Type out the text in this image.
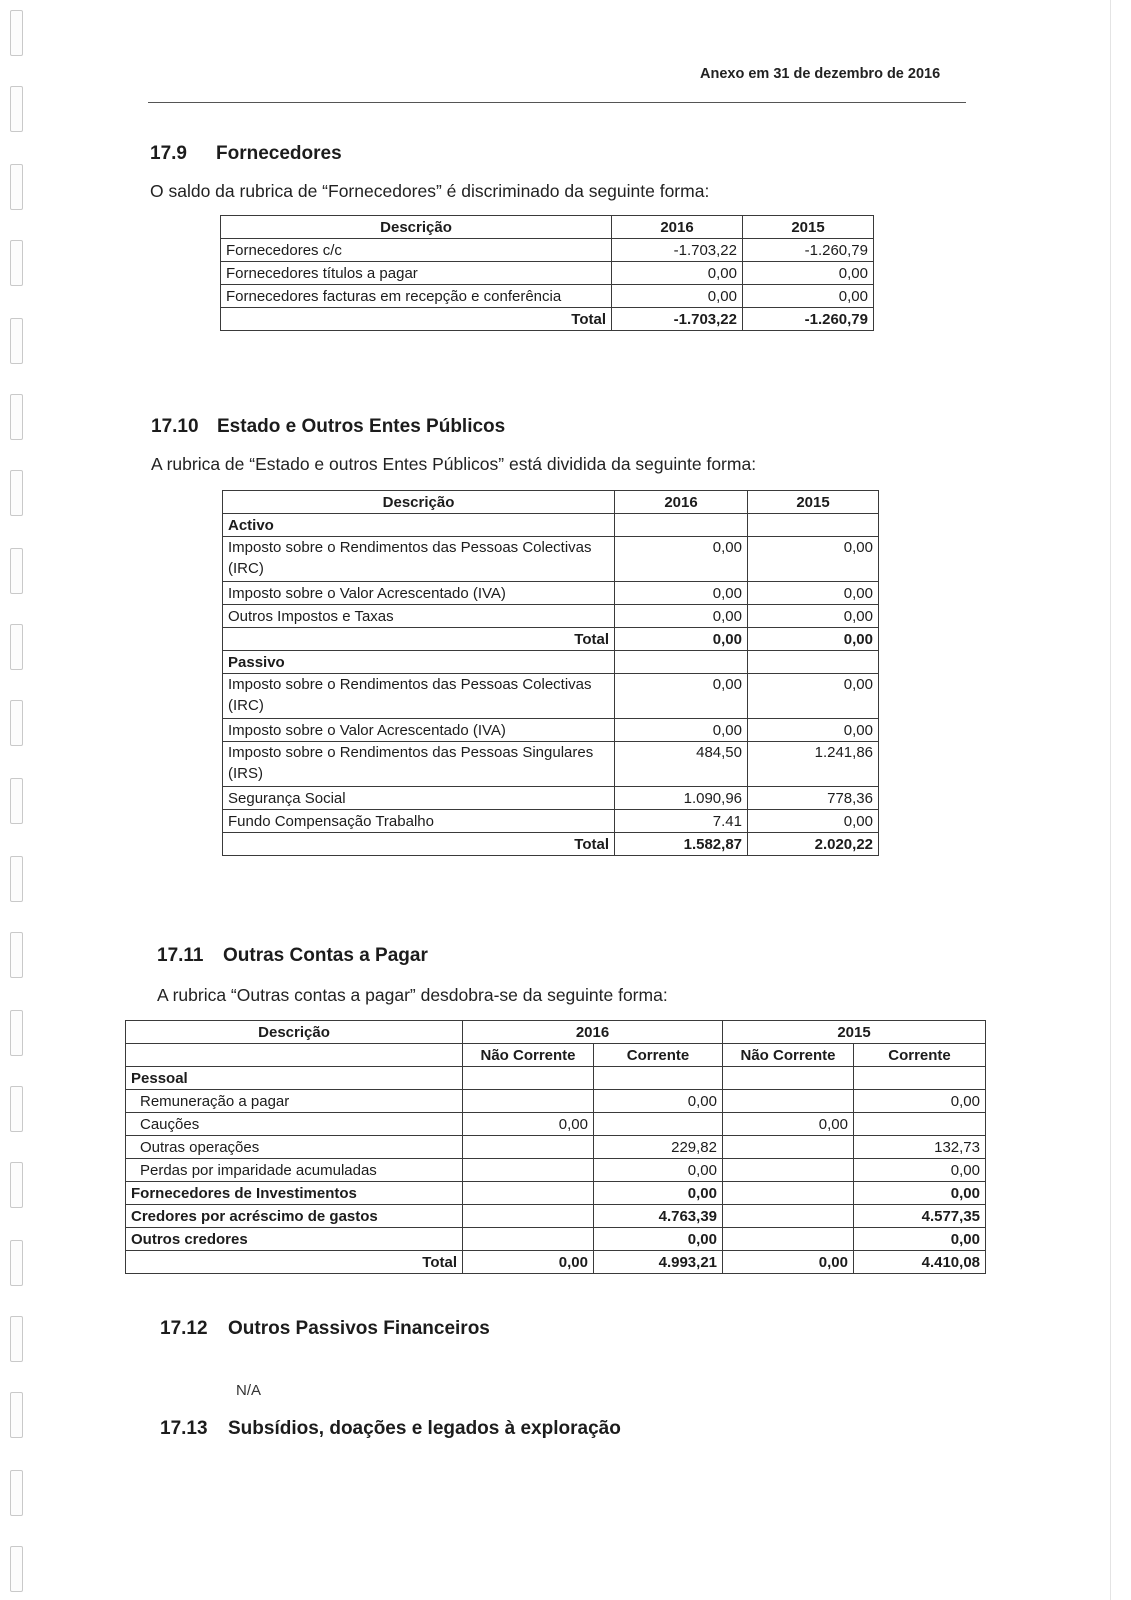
Anexo em 31 de dezembro de 2016
17.9 Fornecedores

O saldo da rubrica de “Fornecedores” é discriminado da seguinte forma:

Descrição	2016	2015
Fornecedores c/c	-1.703,22	-1.260,79
Fornecedores títulos a pagar	0,00	0,00
Fornecedores facturas em recepção e conferência	0,00	0,00
Total	-1.703,22	-1.260,79
17.10 Estado e Outros Entes Públicos

A rubrica de “Estado e outros Entes Públicos” está dividida da seguinte forma:

Descrição	2016	2015
Activo		
Imposto sobre o Rendimentos das Pessoas Colectivas (IRC)	0,00	0,00
Imposto sobre o Valor Acrescentado (IVA)	0,00	0,00
Outros Impostos e Taxas	0,00	0,00
Total	0,00	0,00
Passivo		
Imposto sobre o Rendimentos das Pessoas Colectivas (IRC)	0,00	0,00
Imposto sobre o Valor Acrescentado (IVA)	0,00	0,00
Imposto sobre o Rendimentos das Pessoas Singulares (IRS)	484,50	1.241,86
Segurança Social	1.090,96	778,36
Fundo Compensação Trabalho	7.41	0,00
Total	1.582,87	2.020,22
17.11 Outras Contas a Pagar

A rubrica “Outras contas a pagar” desdobra-se da seguinte forma:

Descrição	2016		2015	
	Não Corrente	Corrente	Não Corrente	Corrente
Pessoal				
Remuneração a pagar		0,00		0,00
Cauções	0,00		0,00	
Outras operações		229,82		132,73
Perdas por imparidade acumuladas		0,00		0,00
Fornecedores de Investimentos		0,00		0,00
Credores por acréscimo de gastos		4.763,39		4.577,35
Outros credores		0,00		0,00
Total	0,00	4.993,21	0,00	4.410,08
17.12 Outros Passivos Financeiros
N/A
17.13 Subsídios, doações e legados à exploração
